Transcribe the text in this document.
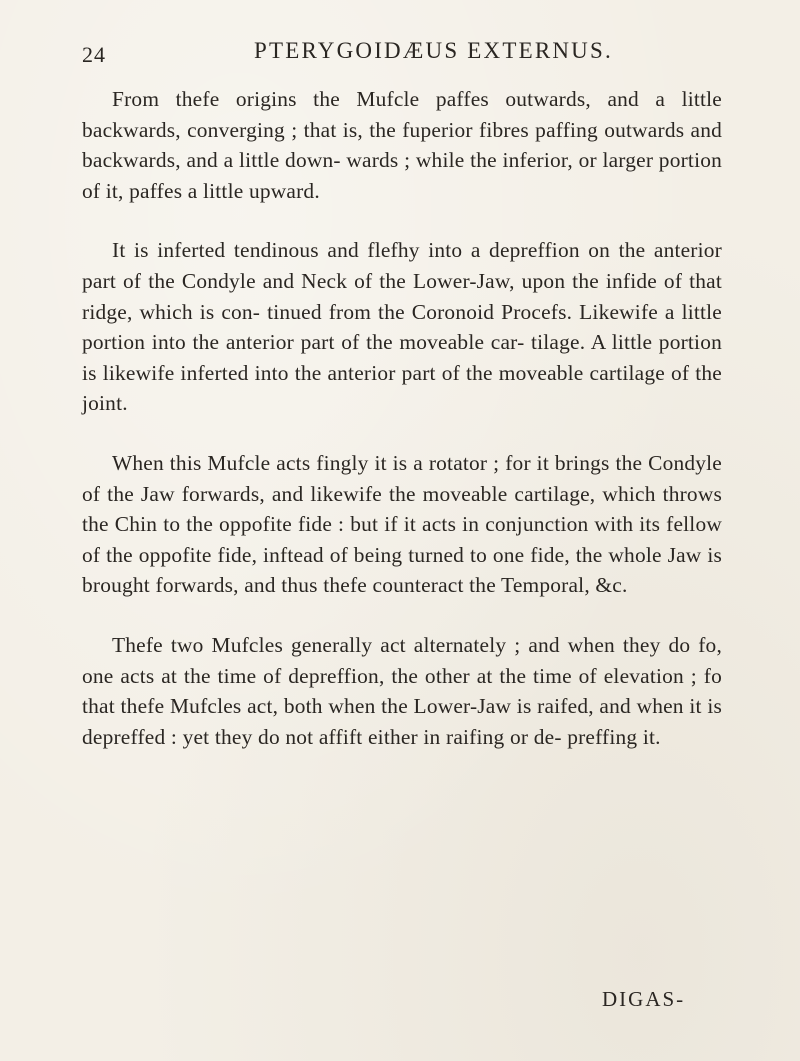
24	PTERYGOIDÆUS EXTERNUS.

From thefe origins the Mufcle paffes outwards, and a little backwards, converging ; that is, the fuperior fibres paffing outwards and backwards, and a little down- wards ; while the inferior, or larger portion of it, paffes a little upward.

It is inferted tendinous and flefhy into a depreffion on the anterior part of the Condyle and Neck of the Lower-Jaw, upon the infide of that ridge, which is con- tinued from the Coronoid Procefs. Likewife a little portion into the anterior part of the moveable car- tilage. A little portion is likewife inferted into the anterior part of the moveable cartilage of the joint.

When this Mufcle acts fingly it is a rotator ; for it brings the Condyle of the Jaw forwards, and likewife the moveable cartilage, which throws the Chin to the oppofite fide : but if it acts in conjunction with its fellow of the oppofite fide, inftead of being turned to one fide, the whole Jaw is brought forwards, and thus thefe counteract the Temporal, &c.

Thefe two Mufcles generally act alternately ; and when they do fo, one acts at the time of depreffion, the other at the time of elevation ; fo that thefe Mufcles act, both when the Lower-Jaw is raifed, and when it is depreffed : yet they do not affift either in raifing or de- preffing it.

DIGAS-
